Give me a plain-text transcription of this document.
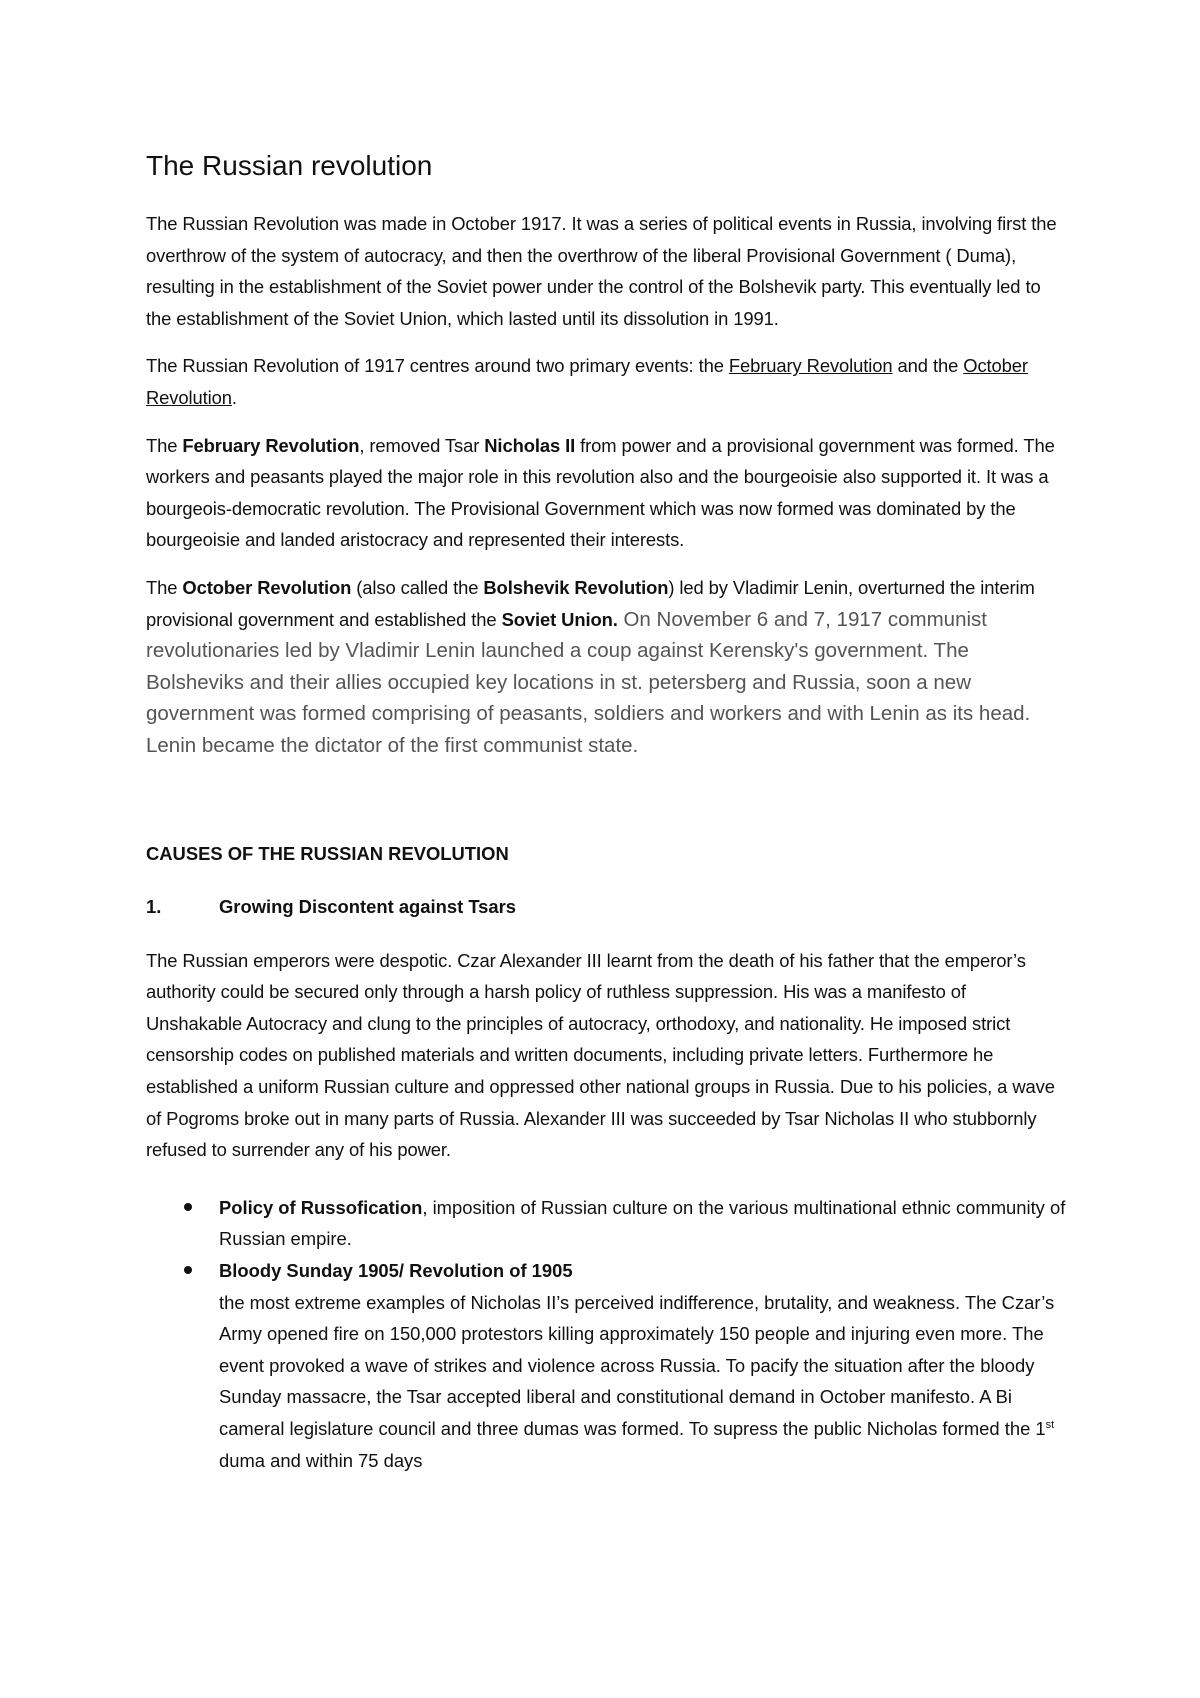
The Russian revolution

The Russian Revolution was made in October 1917. It was a series of political events in Russia, involving first the overthrow of the system of autocracy, and then the overthrow of the liberal Provisional Government ( Duma), resulting in the establishment of the Soviet power under the control of the Bolshevik party. This eventually led to the establishment of the Soviet Union, which lasted until its dissolution in 1991.

The Russian Revolution of 1917 centres around two primary events: the February Revolution and the October Revolution.

The February Revolution, removed Tsar Nicholas II from power and a provisional government was formed. The workers and peasants played the major role in this revolution also and the bourgeoisie also supported it. It was a bourgeois-democratic revolution. The Provisional Government which was now formed was dominated by the bourgeoisie and landed aristocracy and represented their interests.

The October Revolution (also called the Bolshevik Revolution) led by Vladimir Lenin, overturned the interim provisional government and established the Soviet Union. On November 6 and 7, 1917 communist revolutionaries led by Vladimir Lenin launched a coup against Kerensky's government. The Bolsheviks and their allies occupied key locations in st. petersberg and Russia, soon a new government was formed comprising of peasants, soldiers and workers and with Lenin as its head. Lenin became the dictator of the first communist state.

CAUSES OF THE RUSSIAN REVOLUTION
1.	Growing Discontent against Tsars

The Russian emperors were despotic. Czar Alexander III learnt from the death of his father that the emperor’s authority could be secured only through a harsh policy of ruthless suppression. His was a manifesto of Unshakable Autocracy and clung to the principles of autocracy, orthodoxy, and nationality. He imposed strict censorship codes on published materials and written documents, including private letters. Furthermore he established a uniform Russian culture and oppressed other national groups in Russia. Due to his policies, a wave of Pogroms broke out in many parts of Russia. Alexander III was succeeded by Tsar Nicholas II who stubbornly refused to surrender any of his power.

Policy of Russofication, imposition of Russian culture on the various multinational ethnic community of Russian empire.
Bloody Sunday 1905/ Revolution of 1905
the most extreme examples of Nicholas II’s perceived indifference, brutality, and weakness. The Czar’s Army opened fire on 150,000 protestors killing approximately 150 people and injuring even more. The event provoked a wave of strikes and violence across Russia. To pacify the situation after the bloody Sunday massacre, the Tsar accepted liberal and constitutional demand in October manifesto. A Bi cameral legislature council and three dumas was formed. To supress the public Nicholas formed the 1st duma and within 75 days
